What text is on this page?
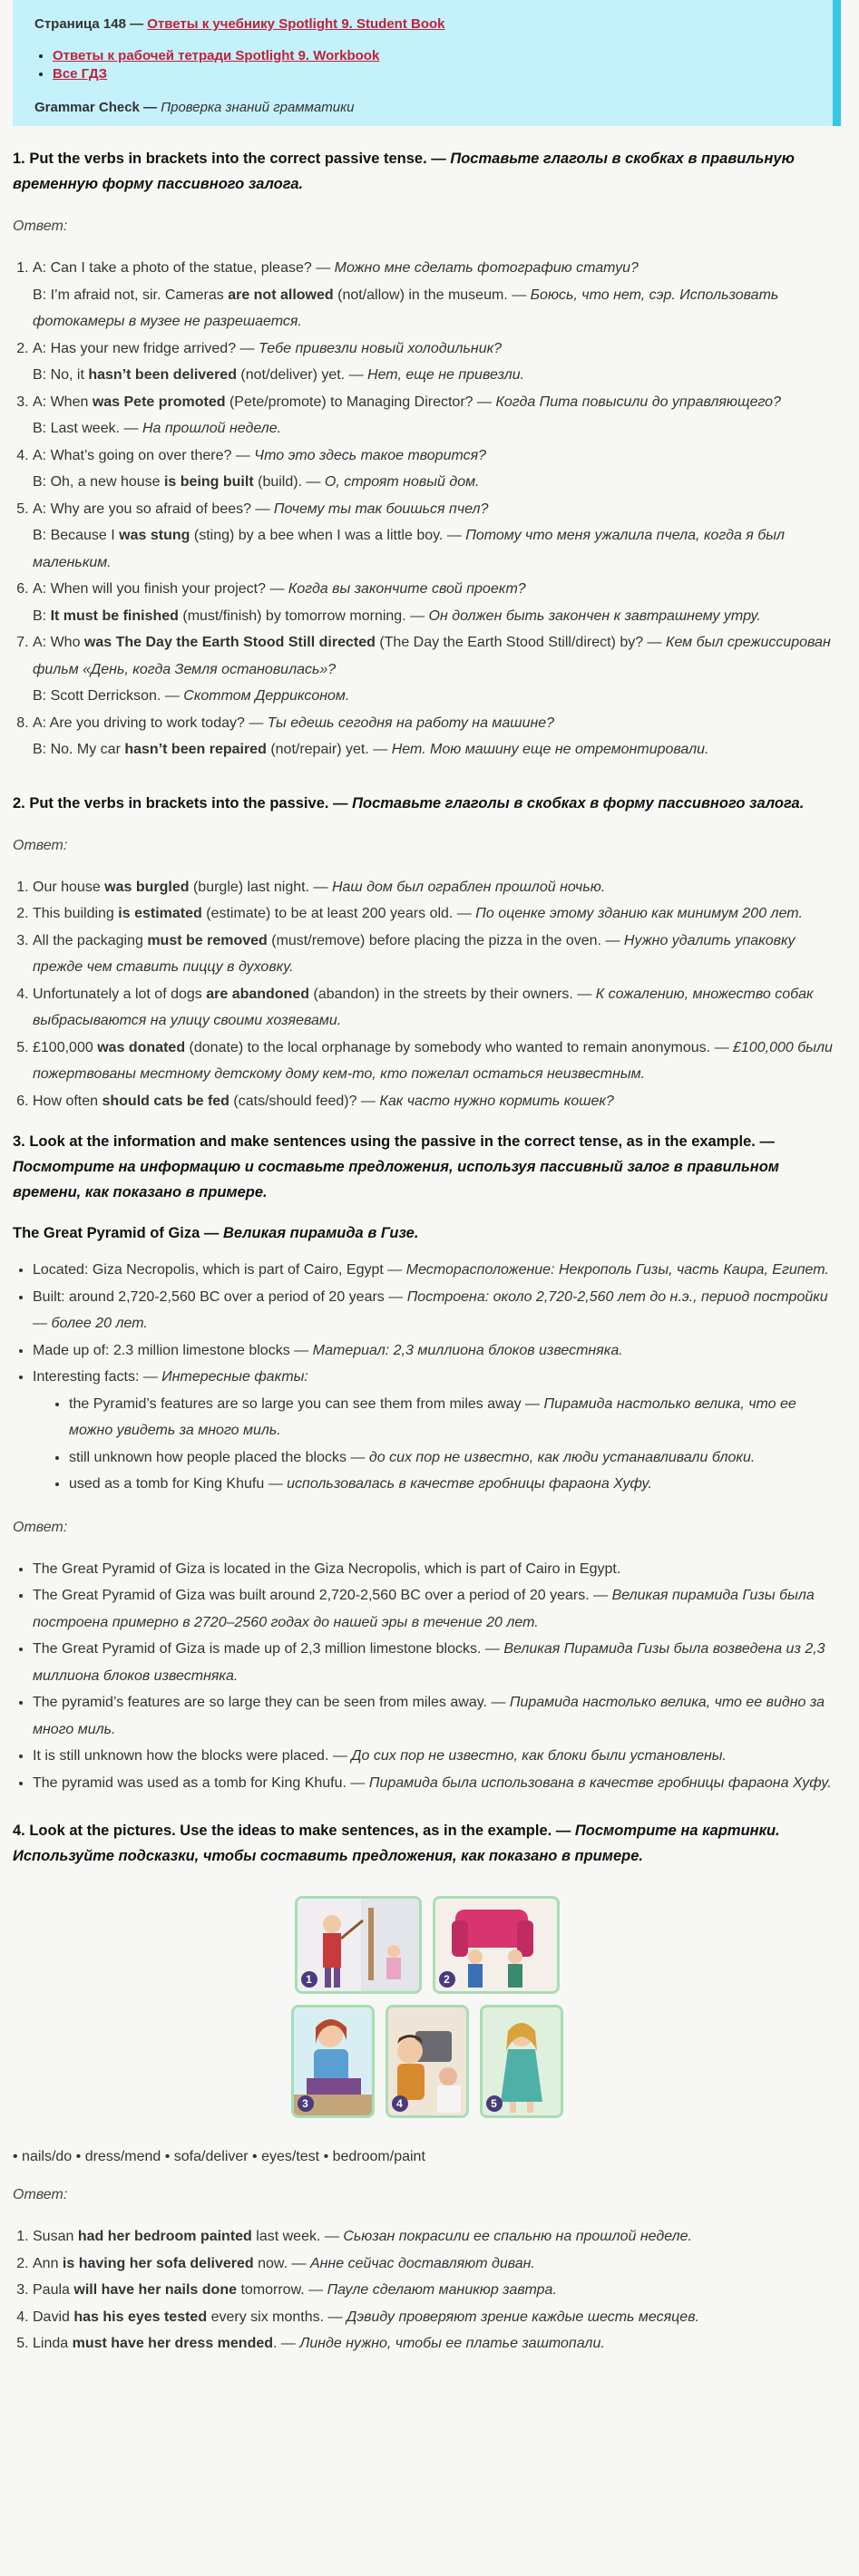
Страница 148 — Ответы к учебнику Spotlight 9. Student Book
• Ответы к рабочей тетради Spotlight 9. Workbook
• Все ГДЗ
Grammar Check — Проверка знаний грамматики
1. Put the verbs in brackets into the correct passive tense. — Поставьте глаголы в скобках в правильную временную форму пассивного залога.
Ответ:
1. A: Can I take a photo of the statue, please? — Можно мне сделать фотографию статуи?
B: I’m afraid not, sir. Cameras are not allowed (not/allow) in the museum. — Боюсь, что нет, сэр. Использовать фотокамеры в музее не разрешается.
2. A: Has your new fridge arrived? — Тебе привезли новый холодильник?
B: No, it hasn’t been delivered (not/deliver) yet. — Нет, еще не привезли.
3. A: When was Pete promoted (Pete/promote) to Managing Director? — Когда Пита повысили до управляющего?
B: Last week. — На прошлой неделе.
4. A: What’s going on over there? — Что это здесь такое творится?
B: Oh, a new house is being built (build). — О, строят новый дом.
5. A: Why are you so afraid of bees? — Почему ты так боишься пчел?
B: Because I was stung (sting) by a bee when I was a little boy. — Потому что меня ужалила пчела, когда я был маленьким.
6. A: When will you finish your project? — Когда вы закончите свой проект?
B: It must be finished (must/finish) by tomorrow morning. — Он должен быть закончен к завтрашнему утру.
7. A: Who was The Day the Earth Stood Still directed (The Day the Earth Stood Still/direct) by? — Кем был срежиссирован фильм «День, когда Земля остановилась»?
B: Scott Derrickson. — Скоттом Дерриксоном.
8. A: Are you driving to work today? — Ты едешь сегодня на работу на машине?
B: No. My car hasn’t been repaired (not/repair) yet. — Нет. Мою машину еще не отремонтировали.
2. Put the verbs in brackets into the passive. — Поставьте глаголы в скобках в форму пассивного залога.
Ответ:
1. Our house was burgled (burgle) last night. — Наш дом был ограблен прошлой ночью.
2. This building is estimated (estimate) to be at least 200 years old. — По оценке этому зданию как минимум 200 лет.
3. All the packaging must be removed (must/remove) before placing the pizza in the oven. — Нужно удалить упаковку прежде чем ставить пиццу в духовку.
4. Unfortunately a lot of dogs are abandoned (abandon) in the streets by their owners. — К сожалению, множество собак выбрасываются на улицу своими хозяевами.
5. £100,000 was donated (donate) to the local orphanage by somebody who wanted to remain anonymous. — £100,000 были пожертвованы местному детскому дому кем-то, кто пожелал остаться неизвестным.
6. How often should cats be fed (cats/should feed)? — Как часто нужно кормить кошек?
3. Look at the information and make sentences using the passive in the correct tense, as in the example. — Посмотрите на информацию и составьте предложения, используя пассивный залог в правильном времени, как показано в примере.
The Great Pyramid of Giza — Великая пирамида в Гизе.
• Located: Giza Necropolis, which is part of Cairo, Egypt — Месторасположение: Некрополь Гизы, часть Каира, Египет.
• Built: around 2,720-2,560 BC over a period of 20 years — Построена: около 2,720-2,560 лет до н.э., период постройки — более 20 лет.
• Made up of: 2.3 million limestone blocks — Материал: 2,3 миллиона блоков известняка.
• Interesting facts: — Интересные факты:
• the Pyramid’s features are so large you can see them from miles away — Пирамида настолько велика, что ее можно увидеть за много миль.
• still unknown how people placed the blocks — до сих пор не известно, как люди устанавливали блоки.
• used as a tomb for King Khufu — использовалась в качестве гробницы фараона Хуфу.
Ответ:
• The Great Pyramid of Giza is located in the Giza Necropolis, which is part of Cairo in Egypt.
• The Great Pyramid of Giza was built around 2,720-2,560 BC over a period of 20 years. — Великая пирамида Гизы была построена примерно в 2720–2560 годах до нашей эры в течение 20 лет.
• The Great Pyramid of Giza is made up of 2,3 million limestone blocks. — Великая Пирамида Гизы была возведена из 2,3 миллиона блоков известняка.
• The pyramid’s features are so large they can be seen from miles away. — Пирамида настолько велика, что ее видно за много миль.
• It is still unknown how the blocks were placed. — До сих пор не известно, как блоки были установлены.
• The pyramid was used as a tomb for King Khufu. — Пирамида была использована в качестве гробницы фараона Хуфу.
4. Look at the pictures. Use the ideas to make sentences, as in the example. — Посмотрите на картинки. Используйте подсказки, чтобы составить предложения, как показано в примере.
1	2
3	4	5
• nails/do • dress/mend • sofa/deliver • eyes/test • bedroom/paint
Ответ:
1. Susan had her bedroom painted last week. — Сьюзан покрасили ее спальню на прошлой неделе.
2. Ann is having her sofa delivered now. — Анне сейчас доставляют диван.
3. Paula will have her nails done tomorrow. — Пауле сделают маникюр завтра.
4. David has his eyes tested every six months. — Дэвиду проверяют зрение каждые шесть месяцев.
5. Linda must have her dress mended. — Линде нужно, чтобы ее платье заштопали.
